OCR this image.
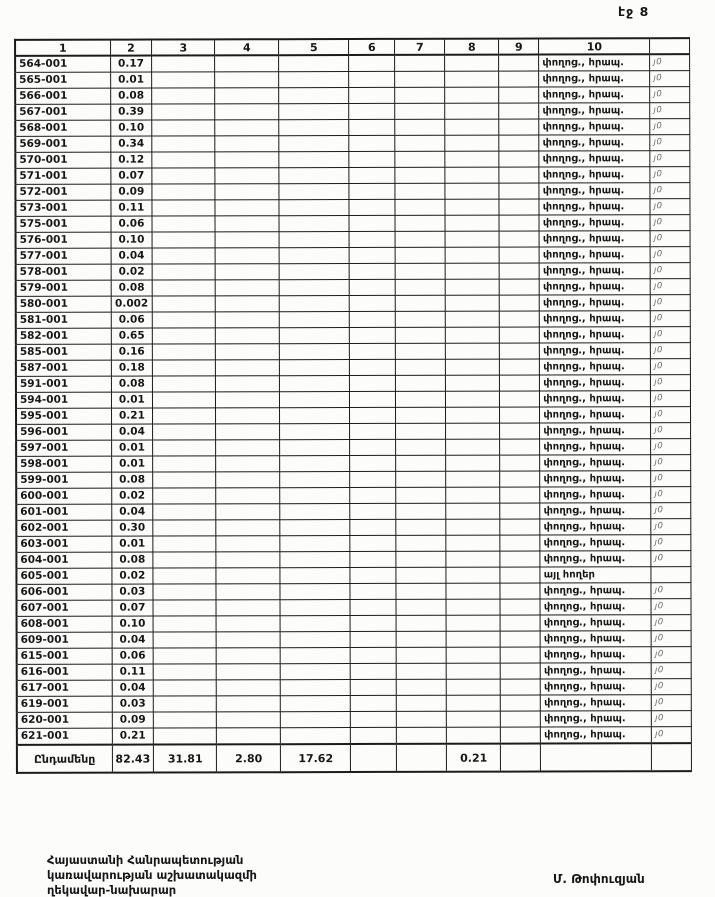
էջ 8
1	2	3	4	5	6	7	8	9	10	
564-001	0.17								փողոց., հրապ.	յ0
565-001	0.01								փողոց., հրապ.	յ0
566-001	0.08								փողոց., հրապ.	յ0
567-001	0.39								փողոց., հրապ.	յ0
568-001	0.10								փողոց., հրապ.	յ0
569-001	0.34								փողոց., հրապ.	յ0
570-001	0.12								փողոց., հրապ.	յ0
571-001	0.07								փողոց., հրապ.	յ0
572-001	0.09								փողոց., հրապ.	յ0
573-001	0.11								փողոց., հրապ.	յ0
575-001	0.06								փողոց., հրապ.	յ0
576-001	0.10								փողոց., հրապ.	յ0
577-001	0.04								փողոց., հրապ.	յ0
578-001	0.02								փողոց., հրապ.	յ0
579-001	0.08								փողոց., հրապ.	յ0
580-001	0.002								փողոց., հրապ.	յ0
581-001	0.06								փողոց., հրապ.	յ0
582-001	0.65								փողոց., հրապ.	յ0
585-001	0.16								փողոց., հրապ.	յ0
587-001	0.18								փողոց., հրապ.	յ0
591-001	0.08								փողոց., հրապ.	յ0
594-001	0.01								փողոց., հրապ.	յ0
595-001	0.21								փողոց., հրապ.	յ0
596-001	0.04								փողոց., հրապ.	յ0
597-001	0.01								փողոց., հրապ.	յ0
598-001	0.01								փողոց., հրապ.	յ0
599-001	0.08								փողոց., հրապ.	յ0
600-001	0.02								փողոց., հրապ.	յ0
601-001	0.04								փողոց., հրապ.	յ0
602-001	0.30								փողոց., հրապ.	յ0
603-001	0.01								փողոց., հրապ.	յ0
604-001	0.08								փողոց., հրապ.	յ0
605-001	0.02								այլ հողեր	
606-001	0.03								փողոց., հրապ.	յ0
607-001	0.07								փողոց., հրապ.	յ0
608-001	0.10								փողոց., հրապ.	յ0
609-001	0.04								փողոց., հրապ.	յ0
615-001	0.06								փողոց., հրապ.	յ0
616-001	0.11								փողոց., հրապ.	յ0
617-001	0.04								փողոց., հրապ.	յ0
619-001	0.03								փողոց., հրապ.	յ0
620-001	0.09								փողոց., հրապ.	յ0
621-001	0.21								փողոց., հրապ.	յ0
Ընդամենը	82.43	31.81	2.80	17.62			0.21			
Հայաստանի Հանրապետության
կառավարության աշխատակազմի
ղեկավար-նախարար
Մ. Թոփուզյան
